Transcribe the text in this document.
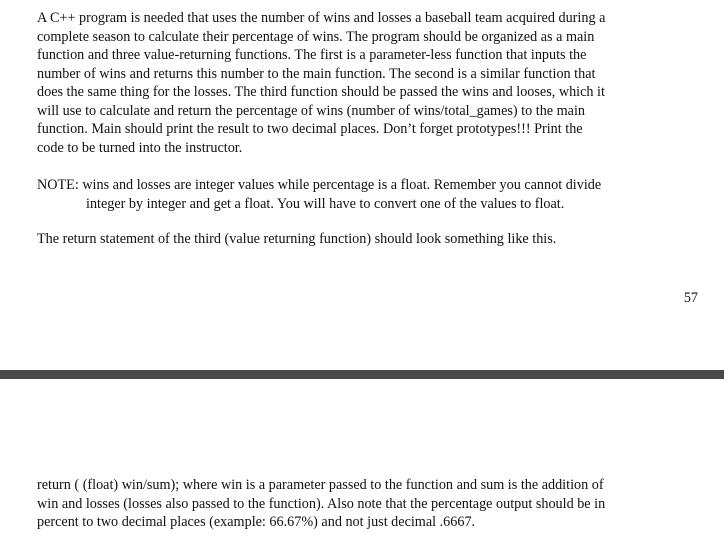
A C++ program is needed that uses the number of wins and losses a baseball team acquired during a
complete season to calculate their percentage of wins. The program should be organized as a main
function and three value-returning functions. The first is a parameter-less function that inputs the
number of wins and returns this number to the main function. The second is a similar function that
does the same thing for the losses. The third function should be passed the wins and looses, which it
will use to calculate and return the percentage of wins (number of wins/total_games) to the main
function. Main should print the result to two decimal places. Don’t forget prototypes!!! Print the
code to be turned into the instructor.

NOTE: wins and losses are integer values while percentage is a float. Remember you cannot divide
integer by integer and get a float. You will have to convert one of the values to float.

The return statement of the third (value returning function) should look something like this.

57

return ( (float) win/sum); where win is a parameter passed to the function and sum is the addition of
win and losses (losses also passed to the function). Also note that the percentage output should be in
percent to two decimal places (example: 66.67%) and not just decimal .6667.
